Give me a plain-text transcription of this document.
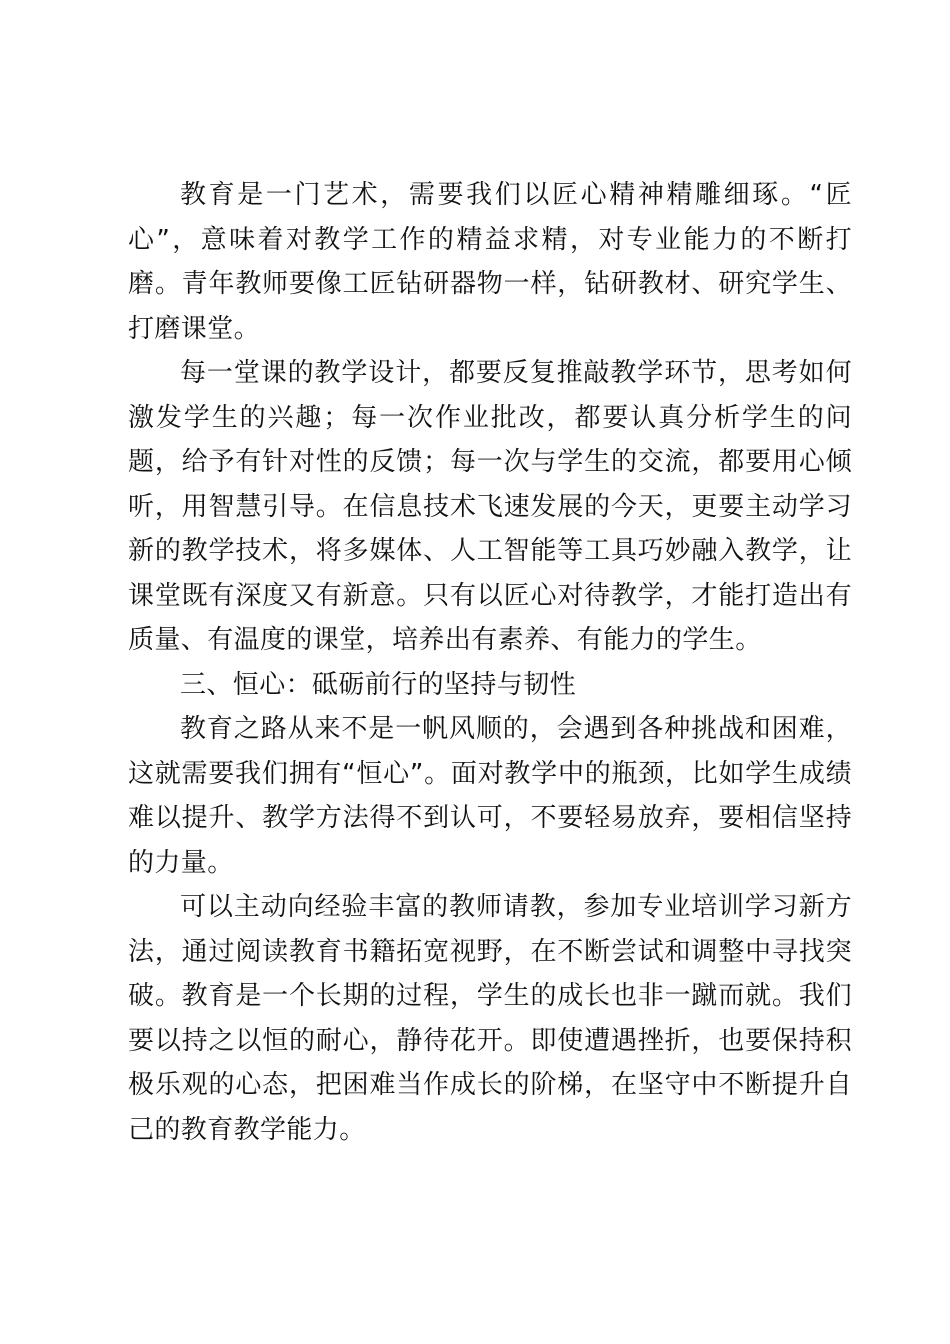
教育是一门艺术，需要我们以匠心精神精雕细琢。“匠心”，意味着对教学工作的精益求精，对专业能力的不断打磨。青年教师要像工匠钻研器物一样，钻研教材、研究学生、打磨课堂。

每一堂课的教学设计，都要反复推敲教学环节，思考如何激发学生的兴趣；每一次作业批改，都要认真分析学生的问题，给予有针对性的反馈；每一次与学生的交流，都要用心倾听，用智慧引导。在信息技术飞速发展的今天，更要主动学习新的教学技术，将多媒体、人工智能等工具巧妙融入教学，让课堂既有深度又有新意。只有以匠心对待教学，才能打造出有质量、有温度的课堂，培养出有素养、有能力的学生。

三、恒心：砥砺前行的坚持与韧性

教育之路从来不是一帆风顺的，会遇到各种挑战和困难，这就需要我们拥有“恒心”。面对教学中的瓶颈，比如学生成绩难以提升、教学方法得不到认可，不要轻易放弃，要相信坚持的力量。

可以主动向经验丰富的教师请教，参加专业培训学习新方法，通过阅读教育书籍拓宽视野，在不断尝试和调整中寻找突破。教育是一个长期的过程，学生的成长也非一蹴而就。我们要以持之以恒的耐心，静待花开。即使遭遇挫折，也要保持积极乐观的心态，把困难当作成长的阶梯，在坚守中不断提升自己的教育教学能力。
